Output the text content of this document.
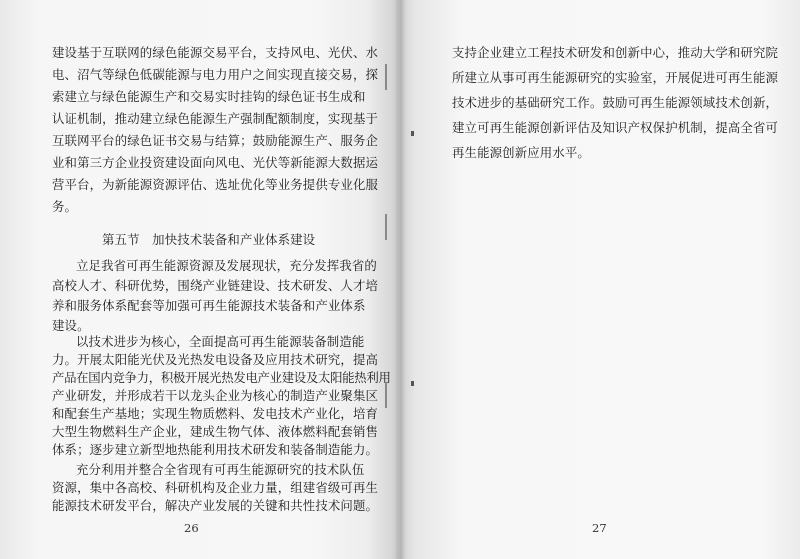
建设基于互联网的绿色能源交易平台，支持风电、光伏、水
电、沼气等绿色低碳能源与电力用户之间实现直接交易，探
索建立与绿色能源生产和交易实时挂钩的绿色证书生成和
认证机制，推动建立绿色能源生产强制配额制度，实现基于
互联网平台的绿色证书交易与结算；鼓励能源生产、服务企
业和第三方企业投资建设面向风电、光伏等新能源大数据运
营平台，为新能源资源评估、选址优化等业务提供专业化服
务。
第五节　加快技术装备和产业体系建设
立足我省可再生能源资源及发展现状，充分发挥我省的
高校人才、科研优势，围绕产业链建设、技术研发、人才培
养和服务体系配套等加强可再生能源技术装备和产业体系
建设。
以技术进步为核心，全面提高可再生能源装备制造能
力。开展太阳能光伏及光热发电设备及应用技术研究，提高
产品在国内竞争力，积极开展光热发电产业建设及太阳能热利用
产业研发，并形成若干以龙头企业为核心的制造产业聚集区
和配套生产基地；实现生物质燃料、发电技术产业化，培育
大型生物燃料生产企业，建成生物气体、液体燃料配套销售
体系；逐步建立新型地热能利用技术研发和装备制造能力。
充分利用并整合全省现有可再生能源研究的技术队伍
资源，集中各高校、科研机构及企业力量，组建省级可再生
能源技术研发平台，解决产业发展的关键和共性技术问题。
26
支持企业建立工程技术研发和创新中心，推动大学和研究院
所建立从事可再生能源研究的实验室，开展促进可再生能源
技术进步的基础研究工作。鼓励可再生能源领域技术创新，
建立可再生能源创新评估及知识产权保护机制，提高全省可
再生能源创新应用水平。
27
